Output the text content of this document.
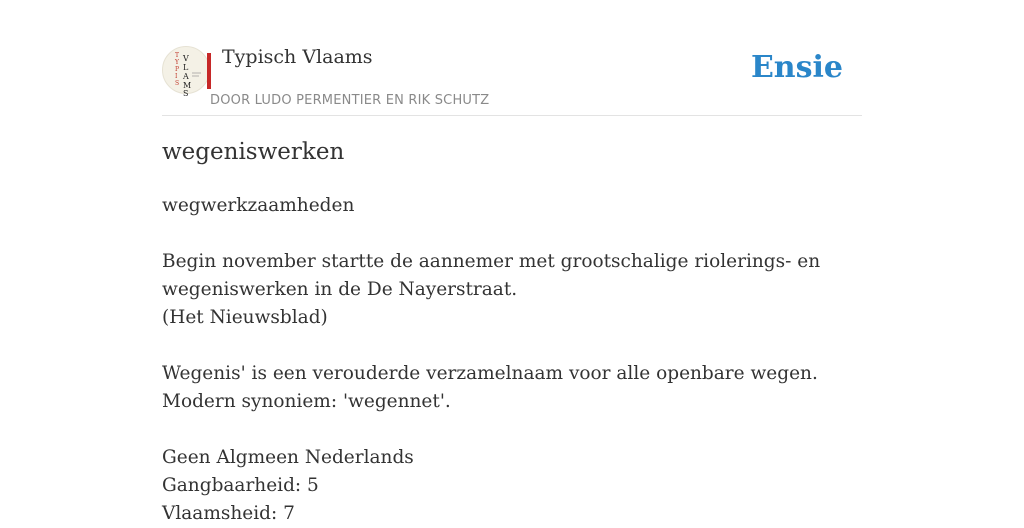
T
Y
P
I
S
V
L
A
M
S
Typisch Vlaams
DOOR LUDO PERMENTIER EN RIK SCHUTZ
Ensie
wegeniswerken

wegwerkzaamheden

Begin november startte de aannemer met grootschalige riolerings- en wegeniswerken in de De Nayerstraat.

(Het Nieuwsblad)

Wegenis' is een verouderde verzamelnaam voor alle openbare wegen. Modern synoniem: 'wegennet'.

Geen Algmeen Nederlands

Gangbaarheid: 5

Vlaamsheid: 7
